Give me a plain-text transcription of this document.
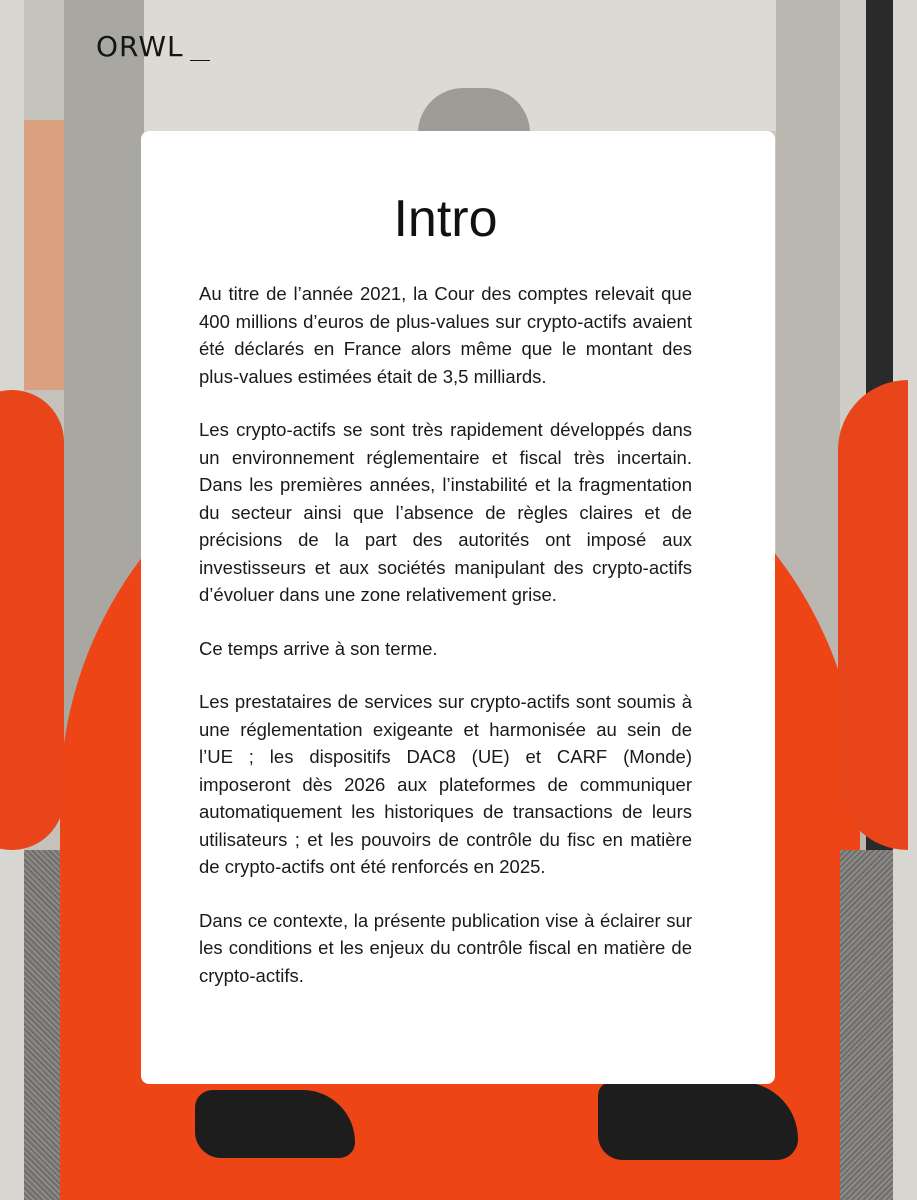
ORWL
Intro

Au titre de l’année 2021, la Cour des comptes relevait que 400 millions d’euros de plus-values sur crypto-actifs avaient été déclarés en France alors même que le montant des plus-values estimées était de 3,5 milliards.

Les crypto-actifs se sont très rapidement développés dans un environnement réglementaire et fiscal très incertain. Dans les premières années, l’instabilité et la fragmentation du secteur ainsi que l’absence de règles claires et de précisions de la part des autorités ont imposé aux investisseurs et aux sociétés manipulant des crypto-actifs d’évoluer dans une zone relativement grise.

Ce temps arrive à son terme.

Les prestataires de services sur crypto-actifs sont soumis à une réglementation exigeante et harmonisée au sein de l’UE ; les dispositifs DAC8 (UE) et CARF (Monde) imposeront dès 2026 aux plateformes de communiquer automatiquement les historiques de transactions de leurs utilisateurs ; et les pouvoirs de contrôle du fisc en matière de crypto-actifs ont été renforcés en 2025.

Dans ce contexte, la présente publication vise à éclairer sur les conditions et les enjeux du contrôle fiscal en matière de crypto-actifs.
